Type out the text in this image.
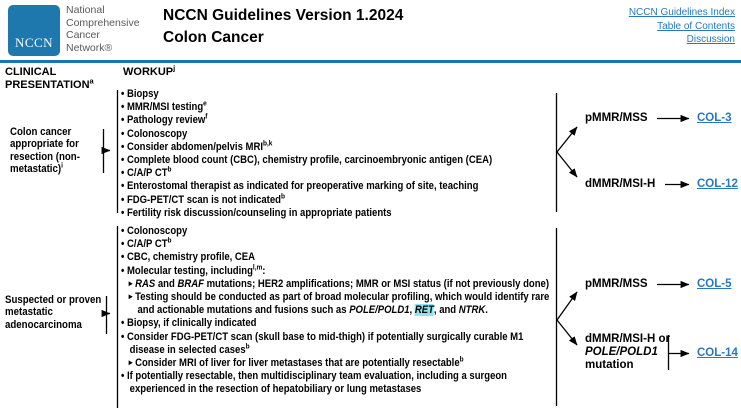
NCCN
National
Comprehensive
Cancer
Network®
NCCN Guidelines Version 1.2024
Colon Cancer
NCCN Guidelines Index
Table of Contents
Discussion
CLINICAL
PRESENTATION$^a$
WORKUP$^j$
Colon cancer appropriate for resection (non-metastatic)$^i$
• Biopsy
• MMR/MSI testing$^e$
• Pathology review$^f$
• Colonoscopy
• Consider abdomen/pelvis MRI$^{b,k}$
• Complete blood count (CBC), chemistry profile, carcinoembryonic antigen (CEA)
• C/A/P $CT^b$
• Enterostomal therapist as indicated for preoperative marking of site, teaching
• FDG-PET/CT scan is not indicated$^b$
• Fertility risk discussion/counseling in appropriate patients
pMMR/MSS	COL-3
dMMR/MSI-H	COL-12
Suspected or proven metastatic adenocarcinoma
• Colonoscopy
• C/A/P $CT^b$
• CBC, chemistry profile, CEA
• Molecular testing, including$^{l,m}$:
▸ RAS and BRAF mutations; HER2 amplifications; MMR or MSI status (if not previously done)
▸ Testing should be conducted as part of broad molecular profiling, which would identify rare and actionable mutations and fusions such as POLE/POLD1, RET, and NTRK.
• Biopsy, if clinically indicated
• Consider FDG-PET/CT scan (skull base to mid-thigh) if potentially surgically curable M1 disease in selected cases$^b$
▸ Consider MRI of liver for liver metastases that are potentially resectable$^b$
• If potentially resectable, then multidisciplinary team evaluation, including a surgeon experienced in the resection of hepatobiliary or lung metastases
pMMR/MSS	COL-5
dMMR/MSI-H or
POLE/POLD1
mutation
COL-14
